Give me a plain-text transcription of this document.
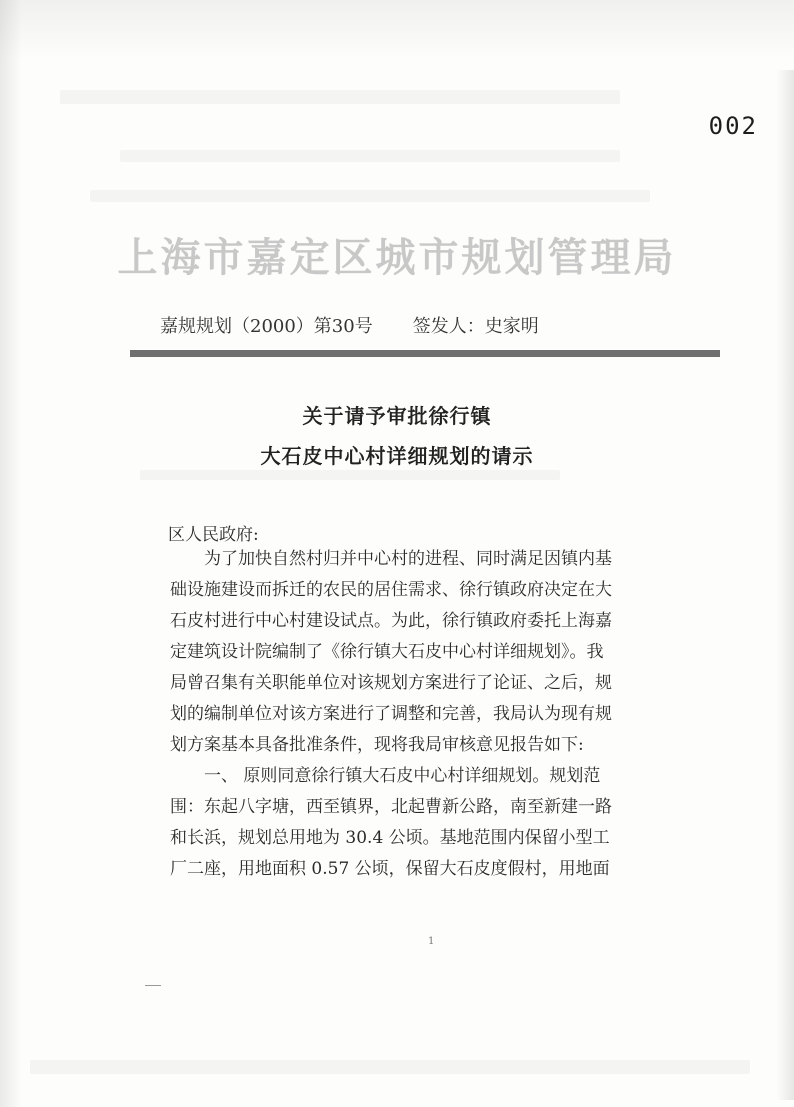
002
上海市嘉定区城市规划管理局
嘉规规划（2000）第30号 签发人：史家明
关于请予审批徐行镇
大石皮中心村详细规划的请示
区人民政府:
为了加快自然村归并中心村的进程、同时满足因镇内基
础设施建设而拆迁的农民的居住需求、徐行镇政府决定在大
石皮村进行中心村建设试点。为此，徐行镇政府委托上海嘉
定建筑设计院编制了《徐行镇大石皮中心村详细规划》。我
局曾召集有关职能单位对该规划方案进行了论证、之后，规
划的编制单位对该方案进行了调整和完善，我局认为现有规
划方案基本具备批准条件，现将我局审核意见报告如下:
一、 原则同意徐行镇大石皮中心村详细规划。规划范
围：东起八字塘，西至镇界，北起曹新公路，南至新建一路
和长浜，规划总用地为 30.4 公顷。基地范围内保留小型工
厂二座，用地面积 0.57 公顷，保留大石皮度假村，用地面
1
